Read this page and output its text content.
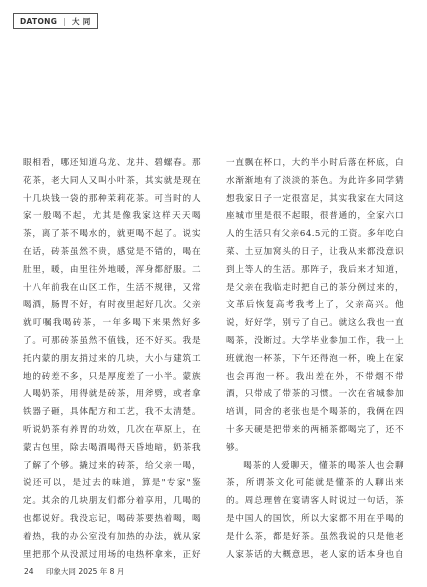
DATONG | 大 同

眼相看，哪还知道乌龙、龙井、碧螺春。那花茶，老大同人又叫小叶茶，其实就是现在十几块钱一袋的那种茉莉花茶。可当时的人家一般喝不起，尤其是像我家这样天天喝茶，离了茶不喝水的，就更喝不起了。说实在话，砖茶虽然不贵，感觉是不错的，喝在肚里，暖，由里往外地暖，浑身都舒服。二十八年前我在山区工作，生活不规律，又常喝酒，肠胃不好，有时夜里起好几次。父亲就叮嘱我喝砖茶，一年多喝下来果然好多了。可那砖茶虽然不值钱，还不好买。我是托内蒙的朋友捎过来的几块，大小与建筑工地的砖差不多，只是厚度差了一小半。蒙族人喝奶茶，用得就是砖茶，用斧劈，或者拿铁器子砸，具体配方和工艺，我不太清楚。听说奶茶有养胃的功效，几次在草原上，在蒙古包里，除去喝酒喝得天昏地暗，奶茶我了解了个够。撬过来的砖茶，给父亲一喝，说还可以，是过去的味道，算是"专家"鉴定。其余的几块朋友们都分着享用，几喝的也都说好。我没忘记，喝砖茶要热着喝，喝着热，我的办公室没有加热的办法，就从家里把那个从没派过用场的电热杯拿来，正好

一直飘在杯口，大约半小时后落在杯底，白水渐渐地有了淡淡的茶色。为此许多同学猜想我家日子一定很富足，其实我家在大同这座城市里是很不起眼，很普通的，全家六口人的生活只有父亲64.5元的工资。多年吃白菜、土豆加窝头的日子，让我从来都没意识到上等人的生活。那阵子，我后来才知道，是父亲在我临走时把自己的茶分例过来的，文革后恢复高考我考上了，父亲高兴。他说，好好学，别亏了自己。就这么我也一直喝茶，没断过。大学毕业参加工作，我一上班就泡一杯茶，下午还得泡一杯，晚上在家也会再泡一杯。我出差在外，不带烟不带酒，只带成了带茶的习惯。一次在省城参加培训，同舍的老张也是个喝茶的，我俩在四十多天硬是把带来的两桶茶都喝完了，还不够。

喝茶的人爱聊天，懂茶的喝茶人也会聊茶，所谓茶文化可能就是懂茶的人聊出来的。周总理曾在宴请客人时说过一句话，茶是中国人的国饮，所以大家都不用在乎喝的是什么茶，都是好茶。虽然我说的只是他老人家茶话的大概意思，老人家的话本身也自

24 印象大同 2025 年 8 月
